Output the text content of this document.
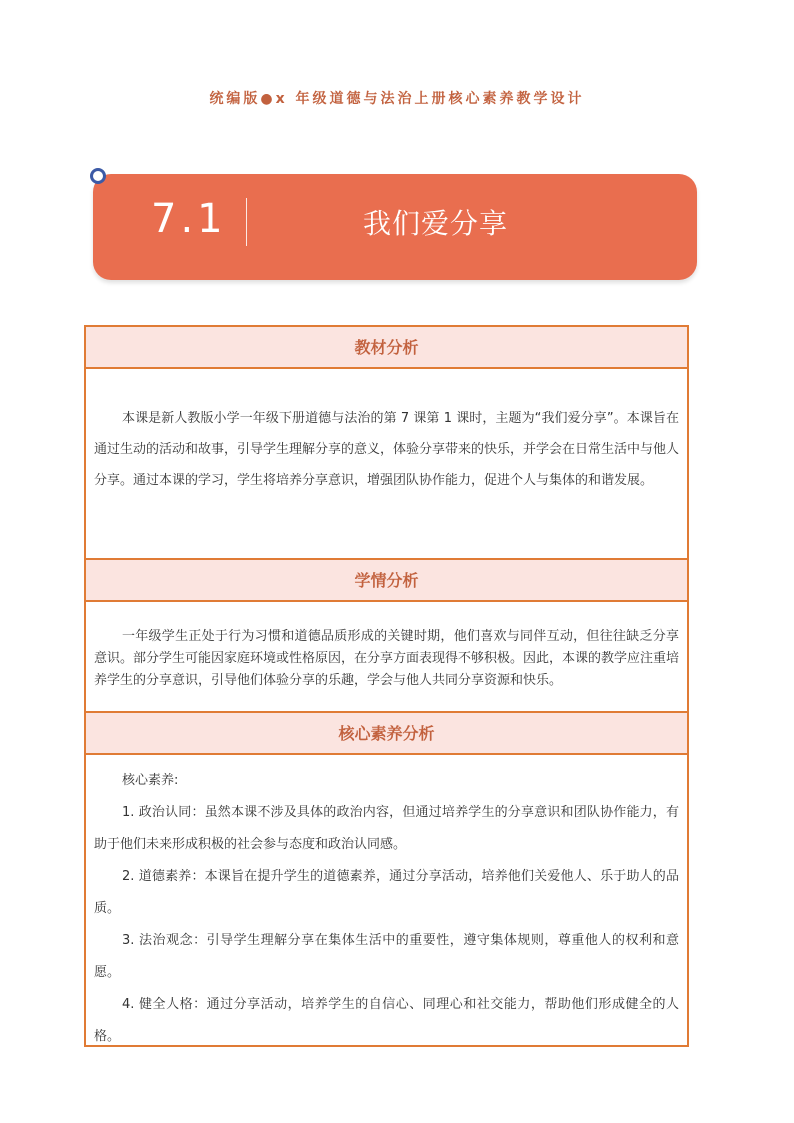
统编版●x 年级道德与法治上册核心素养教学设计
7.1	我们爱分享
教材分析

本课是新人教版小学一年级下册道德与法治的第 7 课第 1 课时，主题为“我们爱分享”。本课旨在通过生动的活动和故事，引导学生理解分享的意义，体验分享带来的快乐，并学会在日常生活中与他人分享。通过本课的学习，学生将培养分享意识，增强团队协作能力，促进个人与集体的和谐发展。

学情分析

一年级学生正处于行为习惯和道德品质形成的关键时期，他们喜欢与同伴互动，但往往缺乏分享意识。部分学生可能因家庭环境或性格原因，在分享方面表现得不够积极。因此，本课的教学应注重培养学生的分享意识，引导他们体验分享的乐趣，学会与他人共同分享资源和快乐。

核心素养分析

核心素养:

1. 政治认同：虽然本课不涉及具体的政治内容，但通过培养学生的分享意识和团队协作能力，有助于他们未来形成积极的社会参与态度和政治认同感。

2. 道德素养：本课旨在提升学生的道德素养，通过分享活动，培养他们关爱他人、乐于助人的品质。

3. 法治观念：引导学生理解分享在集体生活中的重要性，遵守集体规则，尊重他人的权利和意愿。

4. 健全人格：通过分享活动，培养学生的自信心、同理心和社交能力，帮助他们形成健全的人格。
